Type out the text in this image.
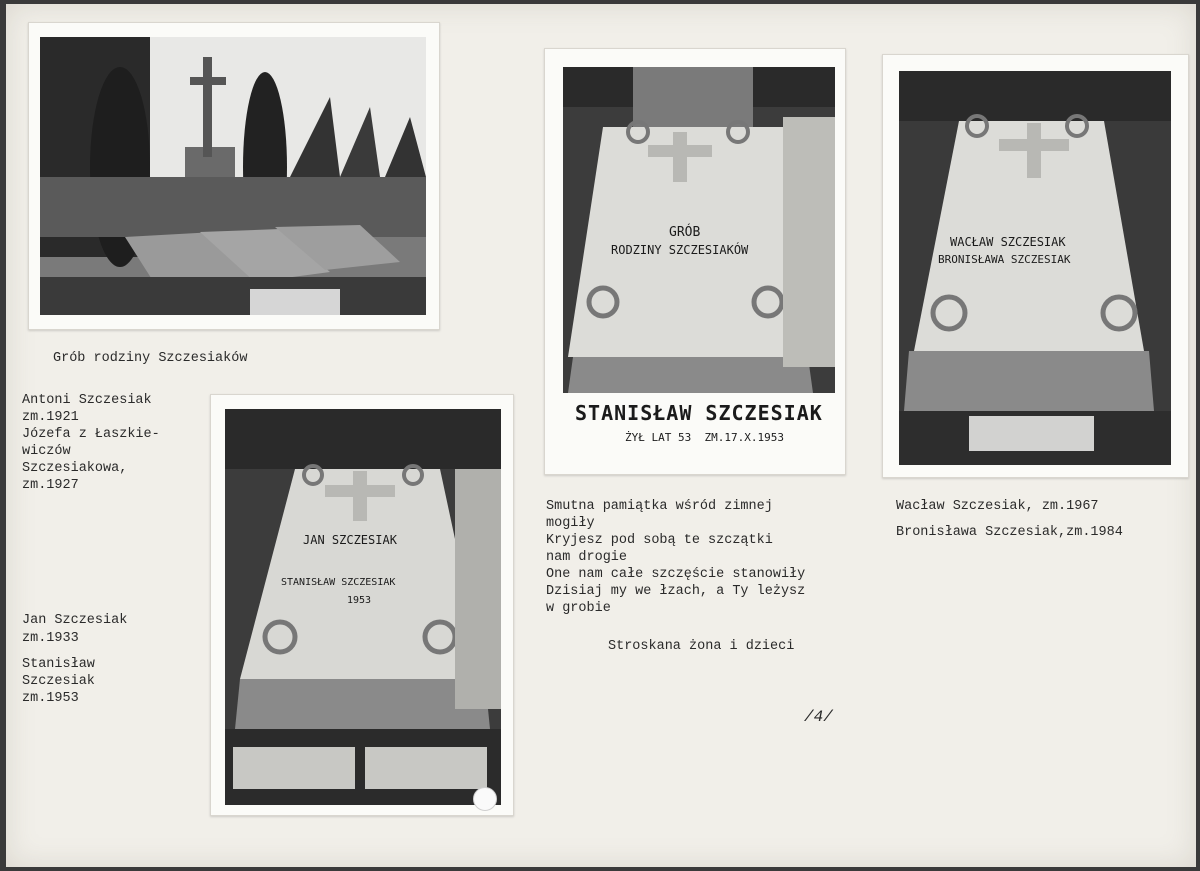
GRÓB

RODZINY SZCZESIAKÓW

STANISŁAW SZCZESIAK

ŻYŁ LAT 53  ZM.17.X.1953

WACŁAW SZCZESIAK

BRONISŁAWA SZCZESIAK

JAN SZCZESIAK

STANISŁAW SZCZESIAK

1953

Grób rodziny Szczesiaków

Antoni Szczesiak

zm.1921

Józefa z Łaszkie-

wiczów

Szczesiakowa,

zm.1927

Jan Szczesiak

zm.1933

Stanisław

Szczesiak

zm.1953

Smutna pamiątka wśród zimnej

mogiły

Kryjesz pod sobą te szczątki

nam drogie

One nam całe szczęście stanowiły

Dzisiaj my we łzach, a Ty leżysz

w grobie

Stroskana żona i dzieci

Wacław Szczesiak, zm.1967

Bronisława Szczesiak,zm.1984

/4/
